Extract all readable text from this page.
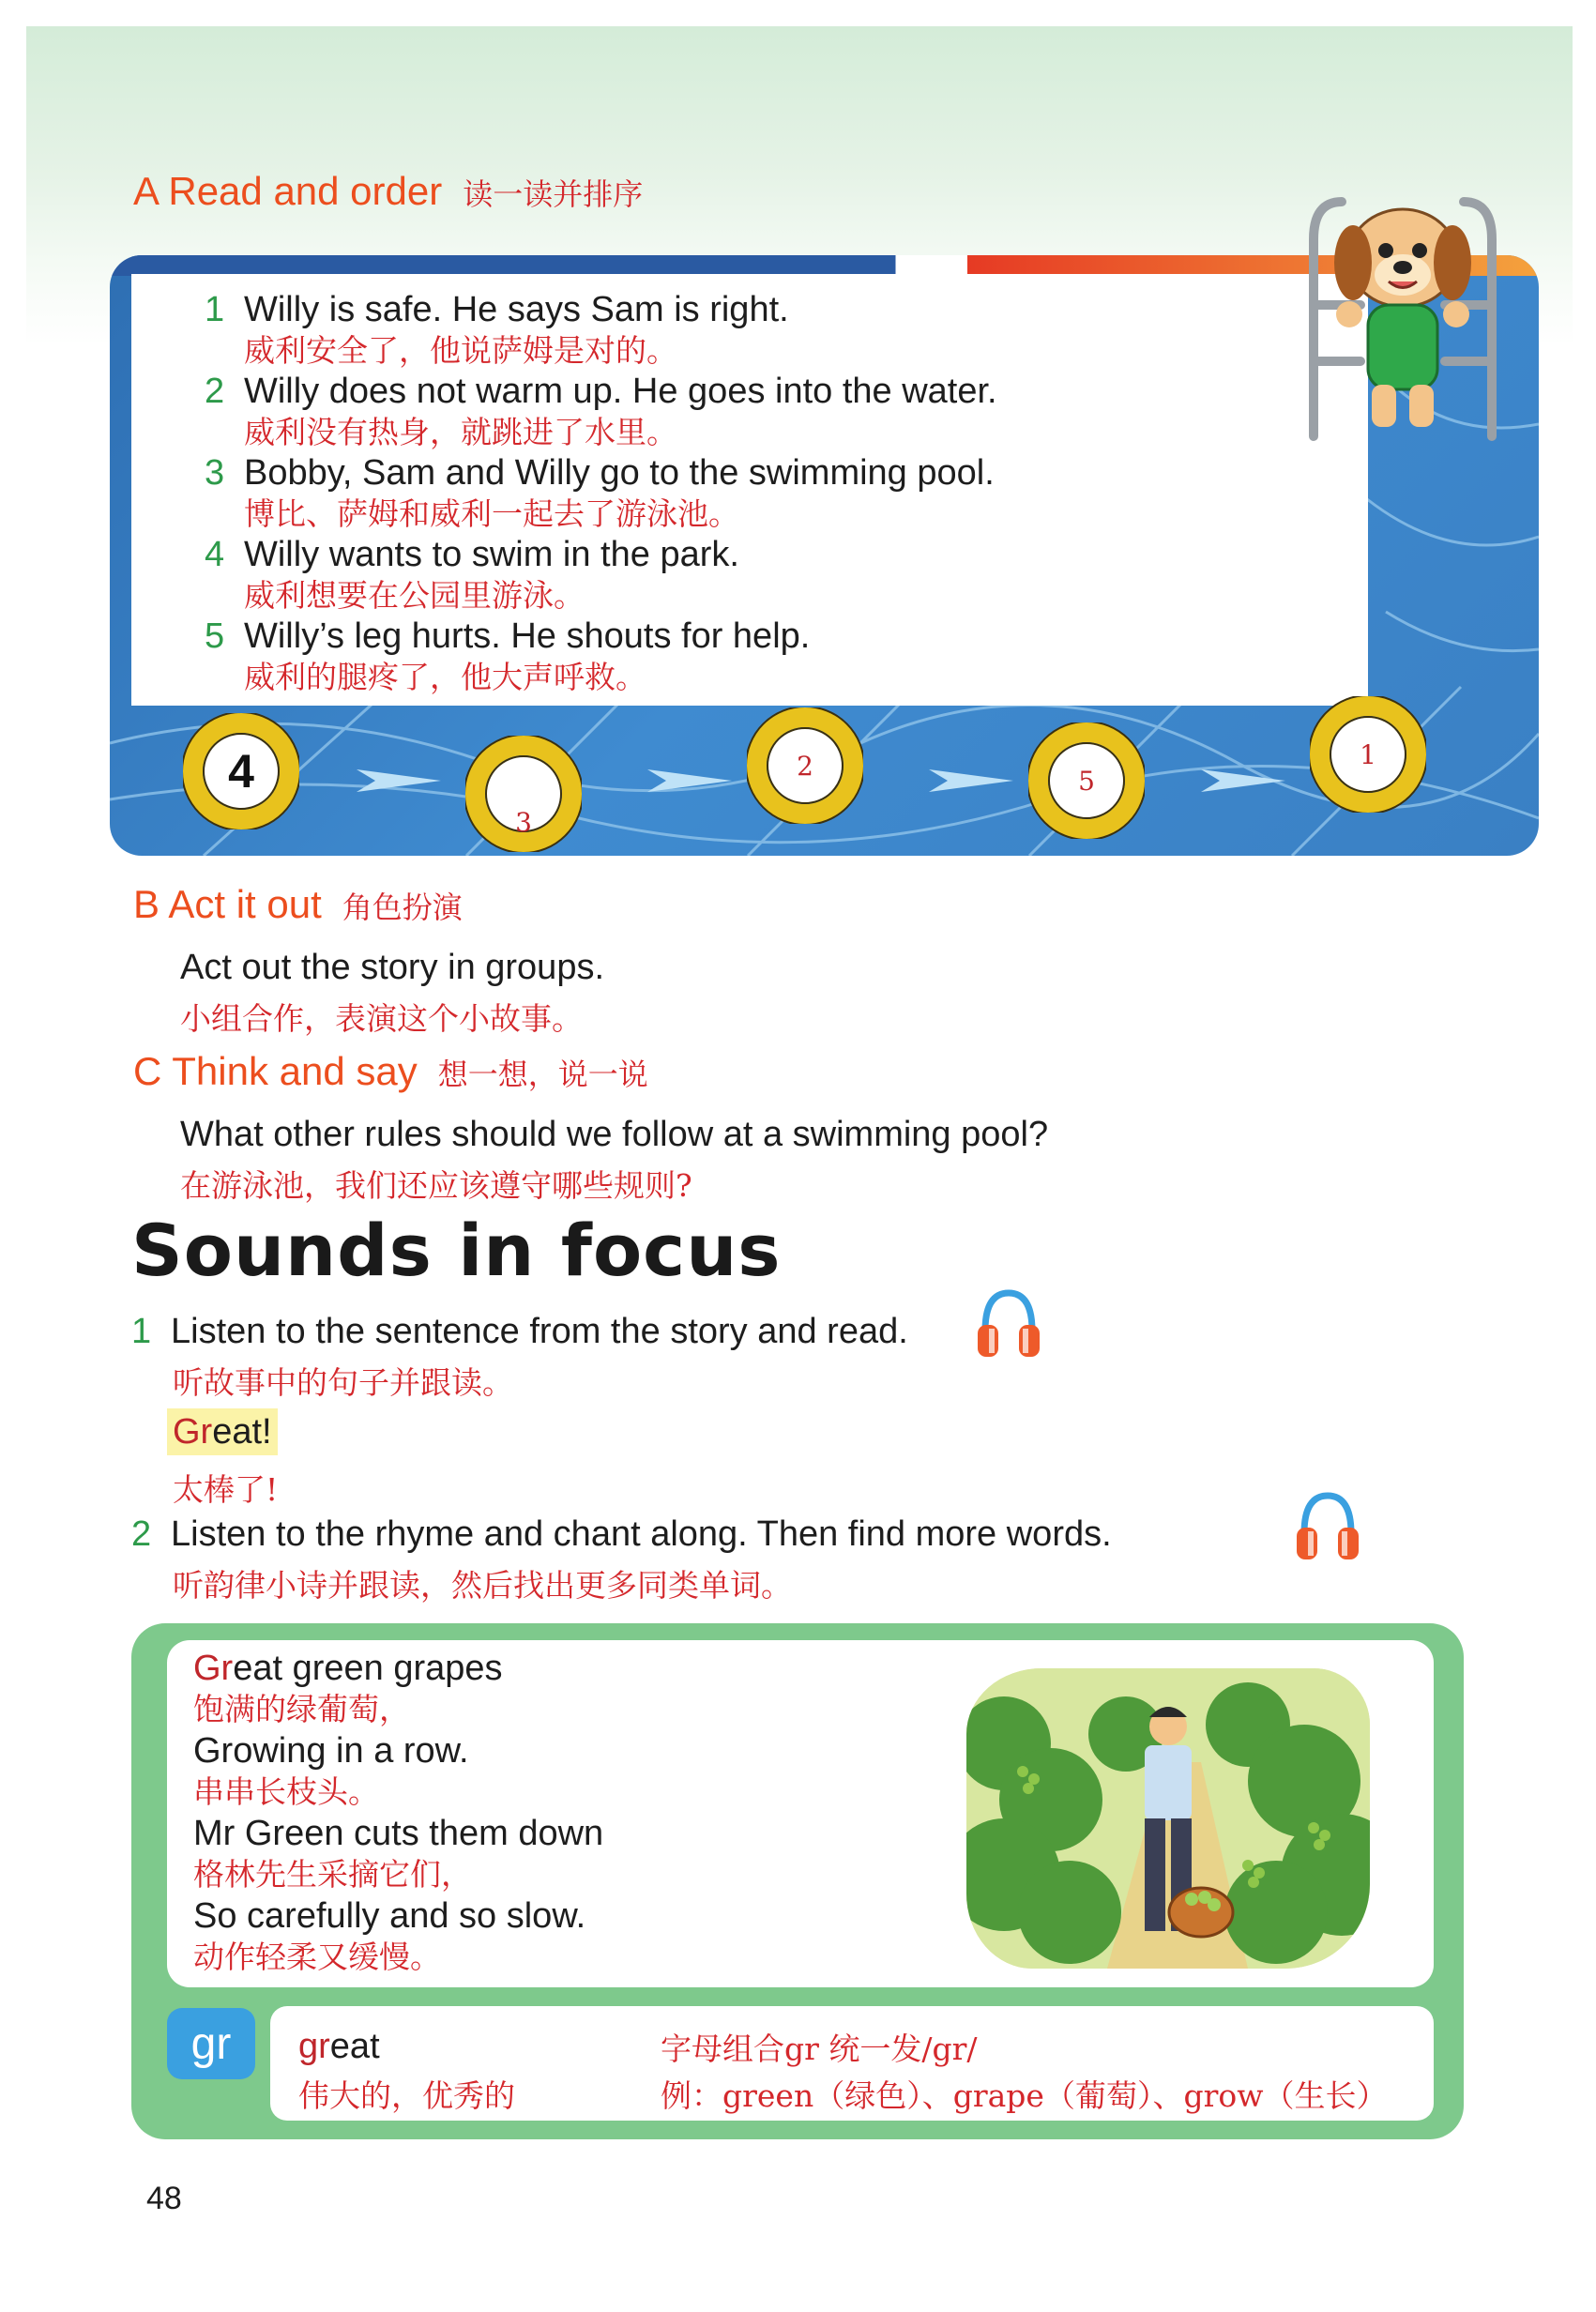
A Read and order 读一读并排序
1 Willy is safe. He says Sam is right.
威利安全了，他说萨姆是对的。
2 Willy does not warm up. He goes into the water.
威利没有热身，就跳进了水里。
3 Bobby, Sam and Willy go to the swimming pool.
博比、萨姆和威利一起去了游泳池。
4 Willy wants to swim in the park.
威利想要在公园里游泳。
5 Willy’s leg hurts. He shouts for help.
威利的腿疼了，他大声呼救。
4
3
2	5
1
B Act it out 角色扮演
Act out the story in groups.
小组合作，表演这个小故事。
C Think and say 想一想，说一说
What other rules should we follow at a swimming pool?
在游泳池，我们还应该遵守哪些规则?
Sounds in focus
1 Listen to the sentence from the story and read.
听故事中的句子并跟读。
Great!
太棒了!
2 Listen to the rhyme and chant along. Then find more words.
听韵律小诗并跟读，然后找出更多同类单词。
Great green grapes
饱满的绿葡萄，
Growing in a row.
串串长枝头。
Mr Green cuts them down
格林先生采摘它们，
So carefully and so slow.
动作轻柔又缓慢。
gr	great
伟大的，优秀的
字母组合gr 统一发/gr/
例：green（绿色）、grape（葡萄）、grow（生长）
48
